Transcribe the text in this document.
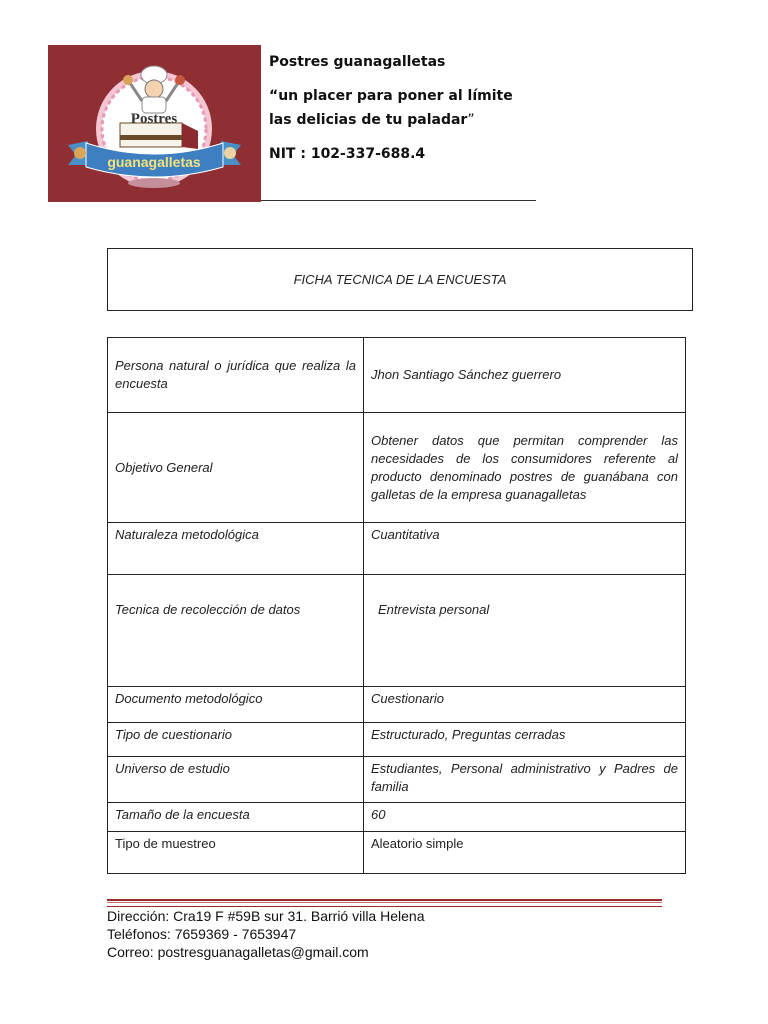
Postres
guanagalletas
Postres guanagalletas
“un placer para poner al límite las delicias de tu paladar”
NIT : 102-337-688.4
FICHA TECNICA DE LA ENCUESTA
Persona natural o jurídica que realiza la encuesta	Jhon Santiago Sánchez guerrero
Objetivo General	Obtener datos que permitan comprender las necesidades de los consumidores referente al producto denominado postres de guanábana con galletas de la empresa guanagalletas
Naturaleza metodológica	Cuantitativa
Tecnica de recolección de datos	Entrevista personal
Documento metodológico	Cuestionario
Tipo de cuestionario	Estructurado, Preguntas cerradas
Universo de estudio	Estudiantes, Personal administrativo y Padres de familia
Tamaño de la encuesta	60
Tipo de muestreo	Aleatorio simple
Dirección: Cra19 F #59B sur 31. Barrió villa Helena
Teléfonos: 7659369 - 7653947
Correo: postresguanagalletas@gmail.com
